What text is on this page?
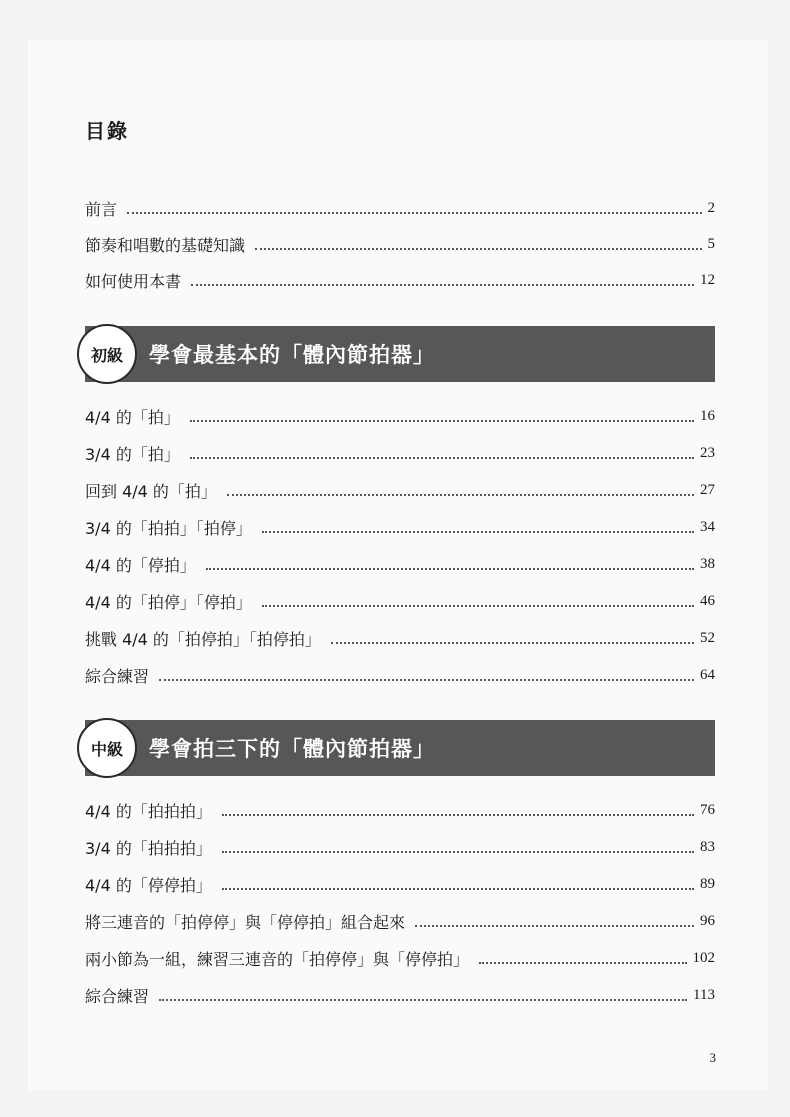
目錄
前言	2
節奏和唱數的基礎知識	5
如何使用本書	12
初級	學會最基本的「體內節拍器」
4/4 的「拍」	16
3/4 的「拍」	23
回到 4/4 的「拍」	27
3/4 的「拍拍」「拍停」	34
4/4 的「停拍」	38
4/4 的「拍停」「停拍」	46
挑戰 4/4 的「拍停拍」「拍停拍」	52
綜合練習	64
中級	學會拍三下的「體內節拍器」
4/4 的「拍拍拍」	76
3/4 的「拍拍拍」	83
4/4 的「停停拍」	89
將三連音的「拍停停」與「停停拍」組合起來	96
兩小節為一組，練習三連音的「拍停停」與「停停拍」	102
綜合練習	113
3
